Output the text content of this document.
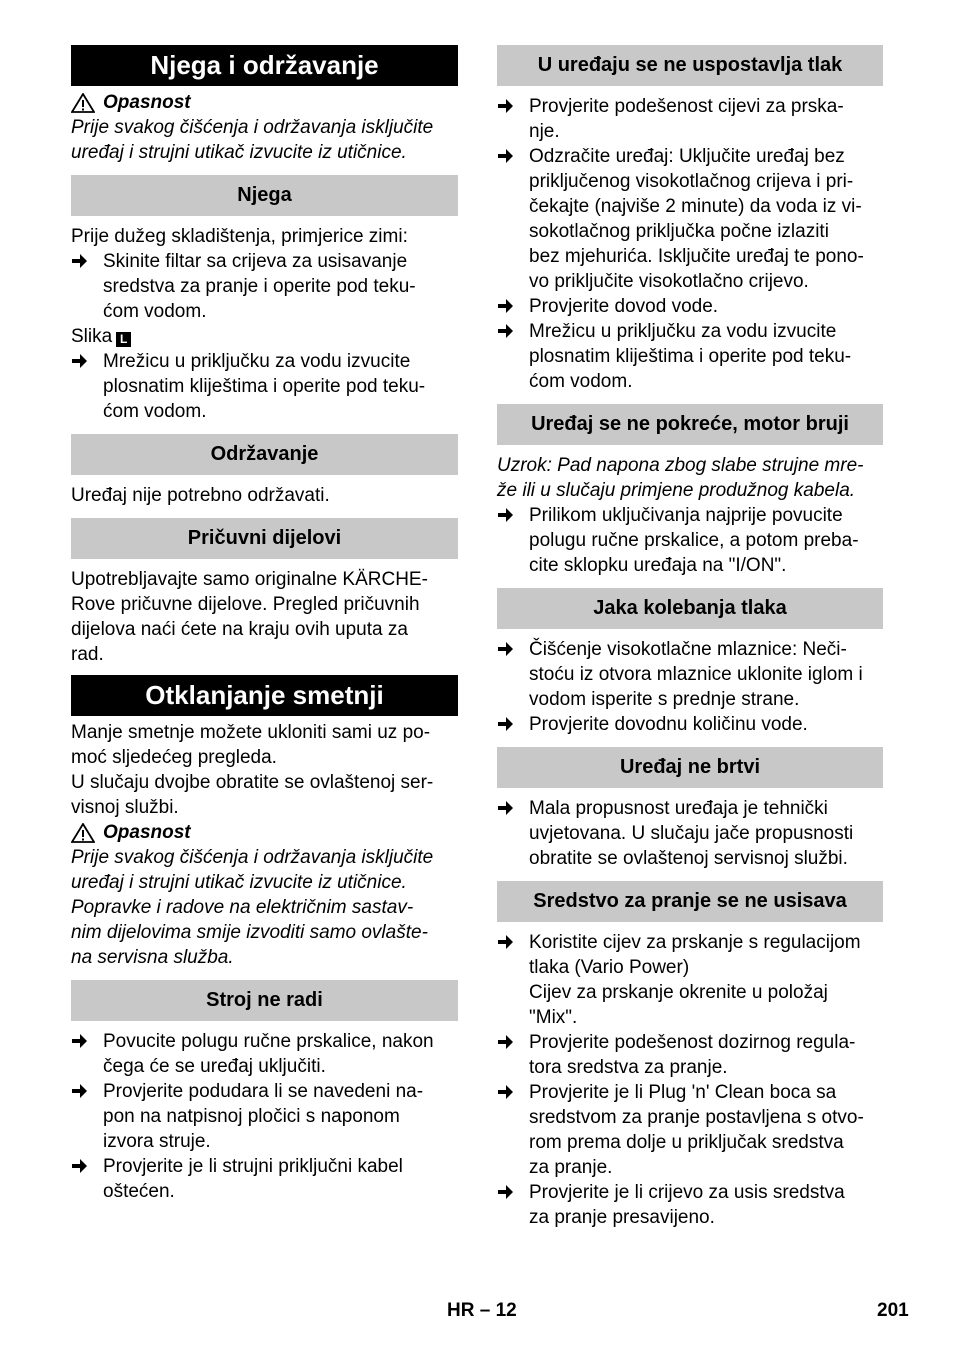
Njega i održavanje
Opasnost

Prije svakog čišćenja i održavanja isključite

uređaj i strujni utikač izvucite iz utičnice.

Njega

Prije dužeg skladištenja, primjerice zimi:

Skinite filtar sa crijeva za usisavanje

sredstva za pranje i operite pod teku-

ćom vodom.

Slika L

Mrežicu u priključku za vodu izvucite

plosnatim kliještima i operite pod teku-

ćom vodom.

Održavanje

Uređaj nije potrebno održavati.

Pričuvni dijelovi

Upotrebljavajte samo originalne KÄRCHE-

Rove pričuvne dijelove. Pregled pričuvnih

dijelova naći ćete na kraju ovih uputa za

rad.

Otklanjanje smetnji

Manje smetnje možete ukloniti sami uz po-

moć sljedećeg pregleda.

U slučaju dvojbe obratite se ovlaštenoj ser-

visnoj službi.

Opasnost

Prije svakog čišćenja i održavanja isključite

uređaj i strujni utikač izvucite iz utičnice.

Popravke i radove na električnim sastav-

nim dijelovima smije izvoditi samo ovlašte-

na servisna služba.

Stroj ne radi

Povucite polugu ručne prskalice, nakon

čega će se uređaj uključiti.

Provjerite podudara li se navedeni na-

pon na natpisnoj pločici s naponom

izvora struje.

Provjerite je li strujni priključni kabel

oštećen.

U uređaju se ne uspostavlja tlak

Provjerite podešenost cijevi za prska-

nje.

Odzračite uređaj: Uključite uređaj bez

priključenog visokotlačnog crijeva i pri-

čekajte (najviše 2 minute) da voda iz vi-

sokotlačnog priključka počne izlaziti

bez mjehurića. Isključite uređaj te pono-

vo priključite visokotlačno crijevo.

Provjerite dovod vode.

Mrežicu u priključku za vodu izvucite

plosnatim kliještima i operite pod teku-

ćom vodom.

Uređaj se ne pokreće, motor bruji

Uzrok: Pad napona zbog slabe strujne mre-

že ili u slučaju primjene produžnog kabela.

Prilikom uključivanja najprije povucite

polugu ručne prskalice, a potom preba-

cite sklopku uređaja na "I/ON".

Jaka kolebanja tlaka

Čišćenje visokotlačne mlaznice: Neči-

stoću iz otvora mlaznice uklonite iglom i

vodom isperite s prednje strane.

Provjerite dovodnu količinu vode.

Uređaj ne brtvi

Mala propusnost uređaja je tehnički

uvjetovana. U slučaju jače propusnosti

obratite se ovlaštenoj servisnoj službi.

Sredstvo za pranje se ne usisava

Koristite cijev za prskanje s regulacijom

tlaka (Vario Power)

Cijev za prskanje okrenite u položaj

"Mix".

Provjerite podešenost dozirnog regula-

tora sredstva za pranje.

Provjerite je li Plug 'n' Clean boca sa

sredstvom za pranje postavljena s otvo-

rom prema dolje u priključak sredstva

za pranje.

Provjerite je li crijevo za usis sredstva

za pranje presavijeno.

HR – 12	201
